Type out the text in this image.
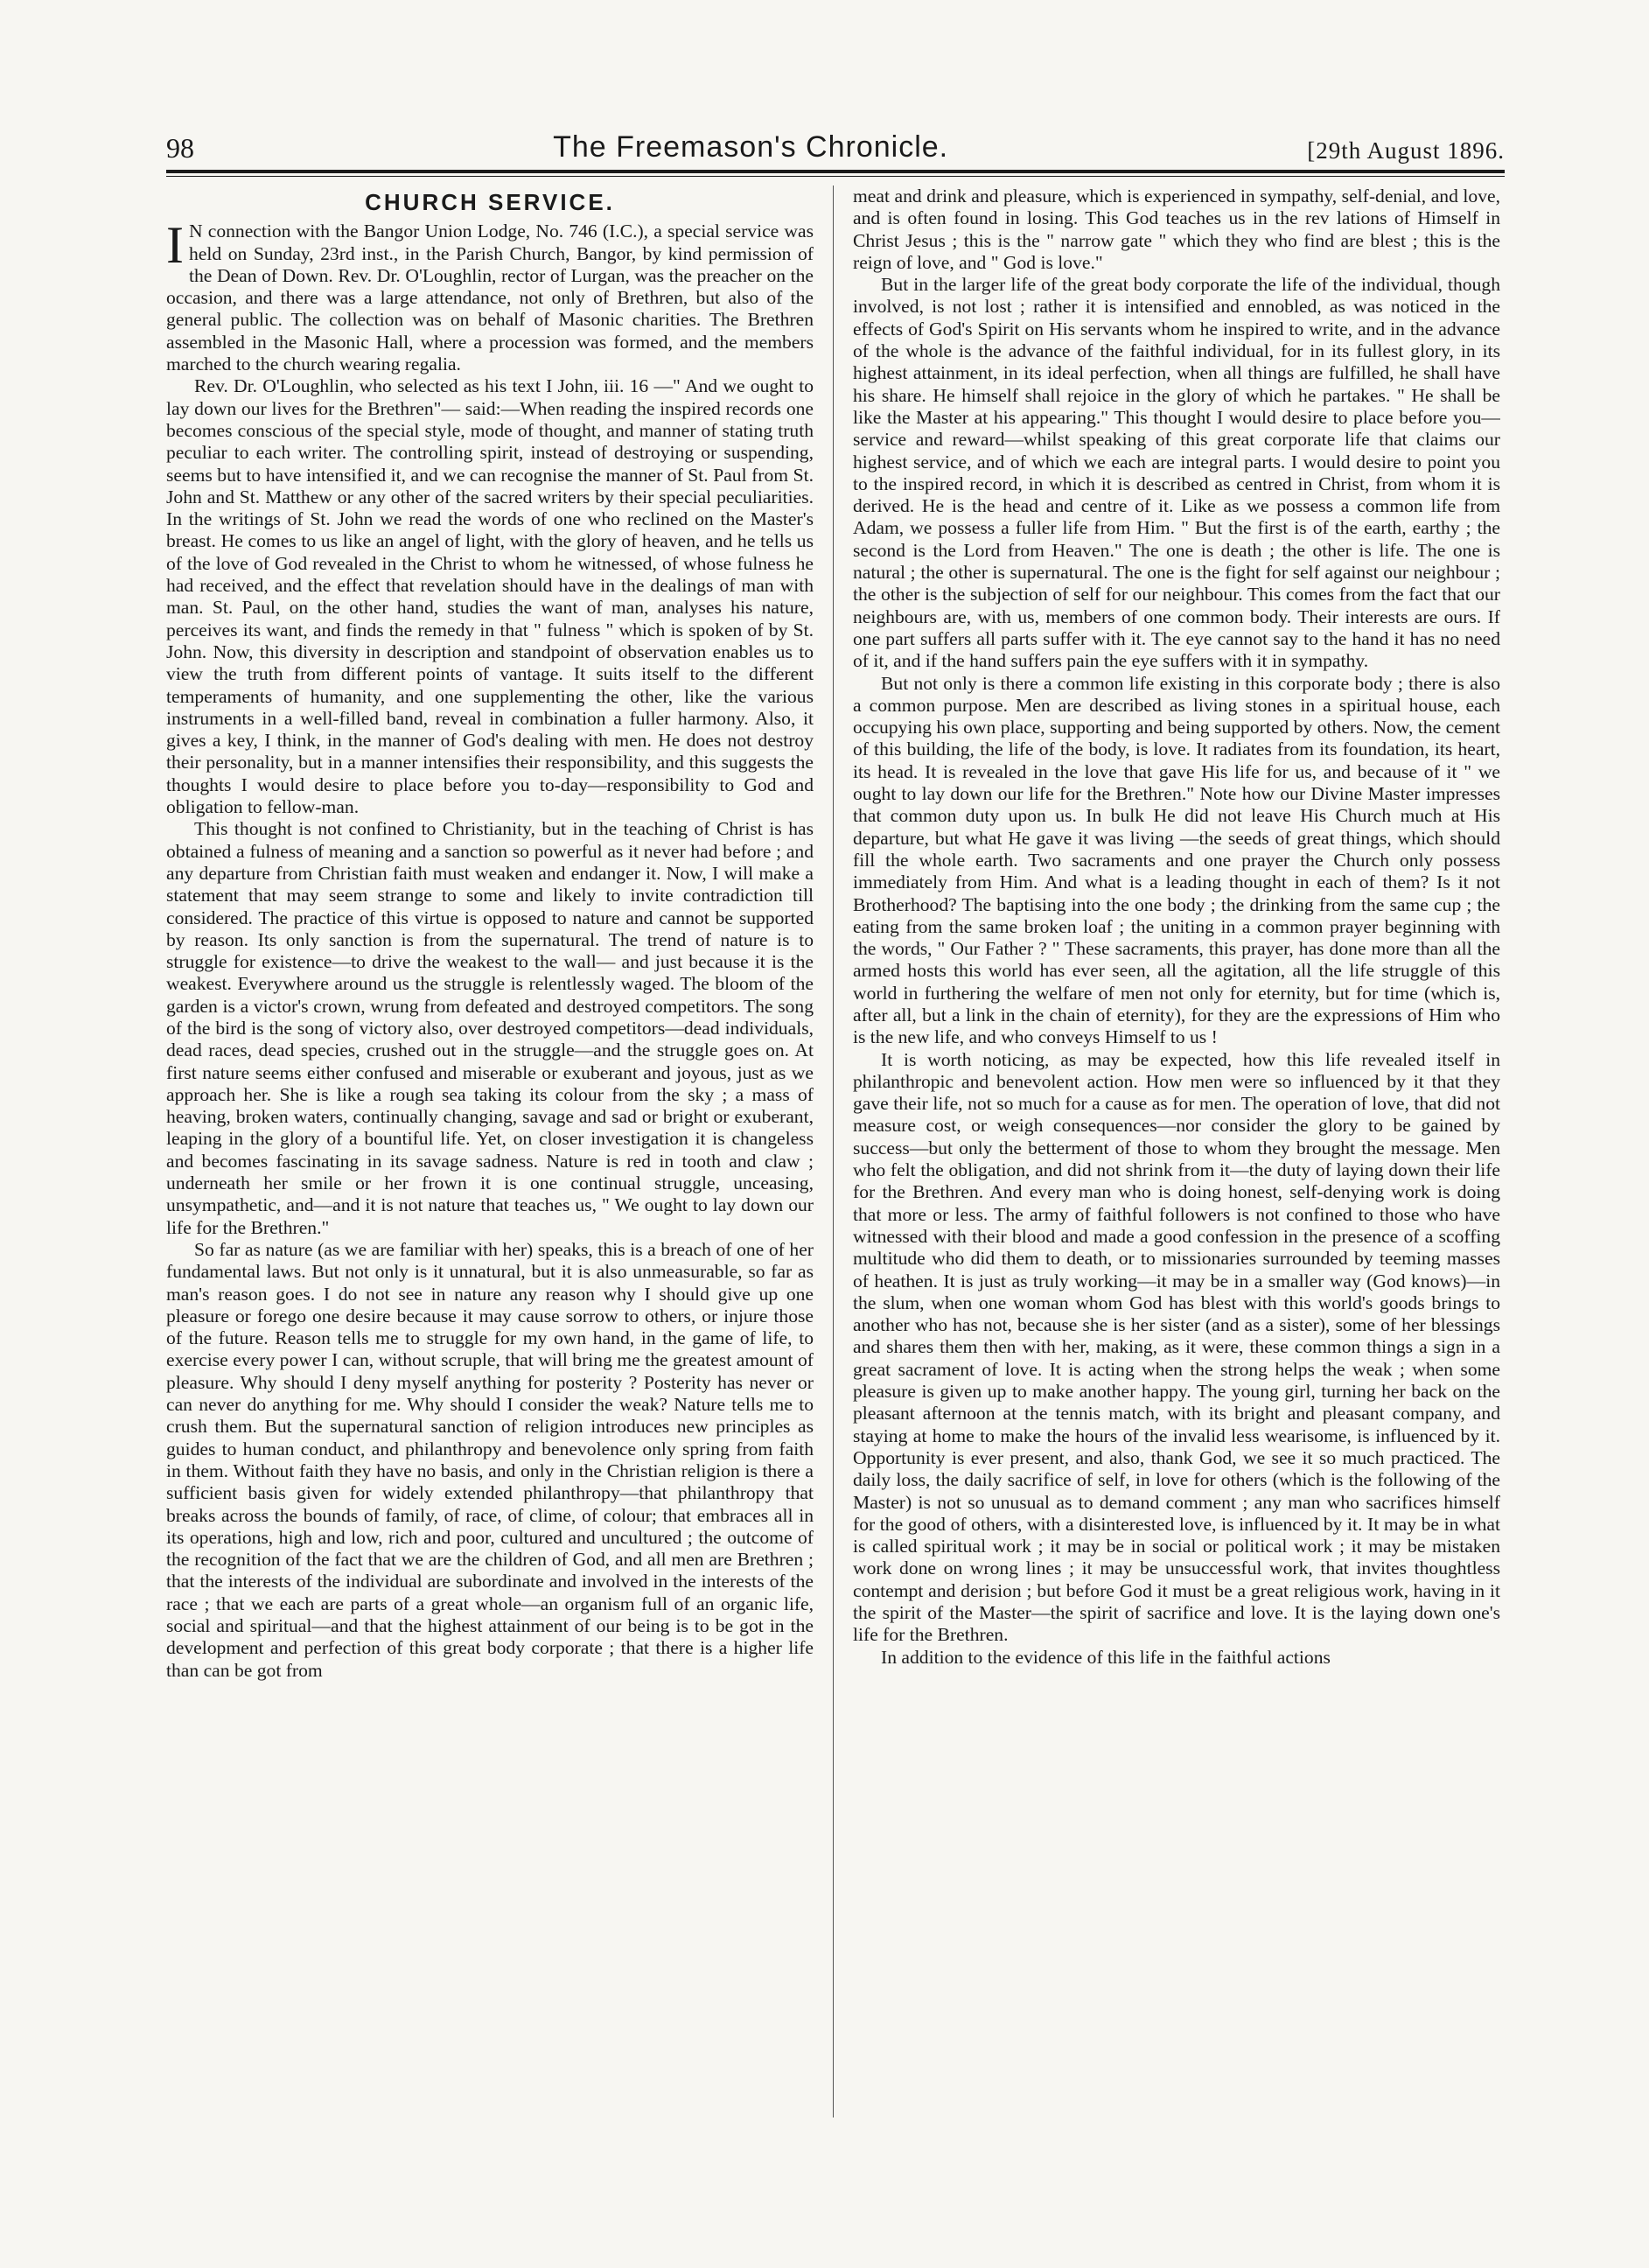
98	The Freemason's Chronicle.	[29th August 1896.
CHURCH SERVICE.

I N connection with the Bangor Union Lodge, No. 746 (I.C.), a special service was held on Sunday, 23rd inst., in the Parish Church, Bangor, by kind permission of the Dean of Down. Rev. Dr. O'Loughlin, rector of Lurgan, was the preacher on the occasion, and there was a large attendance, not only of Brethren, but also of the general public. The collection was on behalf of Masonic charities. The Brethren assembled in the Masonic Hall, where a procession was formed, and the members marched to the church wearing regalia.

Rev. Dr. O'Loughlin, who selected as his text I John, iii. 16 —" And we ought to lay down our lives for the Brethren"— said:—When reading the inspired records one becomes conscious of the special style, mode of thought, and manner of stating truth peculiar to each writer. The controlling spirit, instead of destroying or suspending, seems but to have intensified it, and we can recognise the manner of St. Paul from St. John and St. Matthew or any other of the sacred writers by their special peculiarities. In the writings of St. John we read the words of one who reclined on the Master's breast. He comes to us like an angel of light, with the glory of heaven, and he tells us of the love of God revealed in the Christ to whom he witnessed, of whose fulness he had received, and the effect that revelation should have in the dealings of man with man. St. Paul, on the other hand, studies the want of man, analyses his nature, perceives its want, and finds the remedy in that " fulness " which is spoken of by St. John. Now, this diversity in description and standpoint of observation enables us to view the truth from different points of vantage. It suits itself to the different temperaments of humanity, and one supplementing the other, like the various instruments in a well-filled band, reveal in combination a fuller harmony. Also, it gives a key, I think, in the manner of God's dealing with men. He does not destroy their personality, but in a manner intensifies their responsibility, and this suggests the thoughts I would desire to place before you to-day—responsibility to God and obligation to fellow-man.

This thought is not confined to Christianity, but in the teaching of Christ is has obtained a fulness of meaning and a sanction so powerful as it never had before ; and any departure from Christian faith must weaken and endanger it. Now, I will make a statement that may seem strange to some and likely to invite contradiction till considered. The practice of this virtue is opposed to nature and cannot be supported by reason. Its only sanction is from the supernatural. The trend of nature is to struggle for existence—to drive the weakest to the wall— and just because it is the weakest. Everywhere around us the struggle is relentlessly waged. The bloom of the garden is a victor's crown, wrung from defeated and destroyed competitors. The song of the bird is the song of victory also, over destroyed competitors—dead individuals, dead races, dead species, crushed out in the struggle—and the struggle goes on. At first nature seems either confused and miserable or exuberant and joyous, just as we approach her. She is like a rough sea taking its colour from the sky ; a mass of heaving, broken waters, continually changing, savage and sad or bright or exuberant, leaping in the glory of a bountiful life. Yet, on closer investigation it is changeless and becomes fascinating in its savage sadness. Nature is red in tooth and claw ; underneath her smile or her frown it is one continual struggle, unceasing, unsympathetic, and—and it is not nature that teaches us, " We ought to lay down our life for the Brethren."

So far as nature (as we are familiar with her) speaks, this is a breach of one of her fundamental laws. But not only is it unnatural, but it is also unmeasurable, so far as man's reason goes. I do not see in nature any reason why I should give up one pleasure or forego one desire because it may cause sorrow to others, or injure those of the future. Reason tells me to struggle for my own hand, in the game of life, to exercise every power I can, without scruple, that will bring me the greatest amount of pleasure. Why should I deny myself anything for posterity ? Posterity has never or can never do anything for me. Why should I consider the weak? Nature tells me to crush them. But the supernatural sanction of religion introduces new principles as guides to human conduct, and philanthropy and benevolence only spring from faith in them. Without faith they have no basis, and only in the Christian religion is there a sufficient basis given for widely extended philanthropy—that philanthropy that breaks across the bounds of family, of race, of clime, of colour; that embraces all in its operations, high and low, rich and poor, cultured and uncultured ; the outcome of the recognition of the fact that we are the children of God, and all men are Brethren ; that the interests of the individual are subordinate and involved in the interests of the race ; that we each are parts of a great whole—an organism full of an organic life, social and spiritual—and that the highest attainment of our being is to be got in the development and perfection of this great body corporate ; that there is a higher life than can be got from

meat and drink and pleasure, which is experienced in sympathy, self-denial, and love, and is often found in losing. This God teaches us in the rev lations of Himself in Christ Jesus ; this is the " narrow gate " which they who find are blest ; this is the reign of love, and " God is love."

But in the larger life of the great body corporate the life of the individual, though involved, is not lost ; rather it is intensified and ennobled, as was noticed in the effects of God's Spirit on His servants whom he inspired to write, and in the advance of the whole is the advance of the faithful individual, for in its fullest glory, in its highest attainment, in its ideal perfection, when all things are fulfilled, he shall have his share. He himself shall rejoice in the glory of which he partakes. " He shall be like the Master at his appearing." This thought I would desire to place before you—service and reward—whilst speaking of this great corporate life that claims our highest service, and of which we each are integral parts. I would desire to point you to the inspired record, in which it is described as centred in Christ, from whom it is derived. He is the head and centre of it. Like as we possess a common life from Adam, we possess a fuller life from Him. " But the first is of the earth, earthy ; the second is the Lord from Heaven." The one is death ; the other is life. The one is natural ; the other is supernatural. The one is the fight for self against our neighbour ; the other is the subjection of self for our neighbour. This comes from the fact that our neighbours are, with us, members of one common body. Their interests are ours. If one part suffers all parts suffer with it. The eye cannot say to the hand it has no need of it, and if the hand suffers pain the eye suffers with it in sympathy.

But not only is there a common life existing in this corporate body ; there is also a common purpose. Men are described as living stones in a spiritual house, each occupying his own place, supporting and being supported by others. Now, the cement of this building, the life of the body, is love. It radiates from its foundation, its heart, its head. It is revealed in the love that gave His life for us, and because of it " we ought to lay down our life for the Brethren." Note how our Divine Master impresses that common duty upon us. In bulk He did not leave His Church much at His departure, but what He gave it was living —the seeds of great things, which should fill the whole earth. Two sacraments and one prayer the Church only possess immediately from Him. And what is a leading thought in each of them? Is it not Brotherhood? The baptising into the one body ; the drinking from the same cup ; the eating from the same broken loaf ; the uniting in a common prayer beginning with the words, " Our Father ? " These sacraments, this prayer, has done more than all the armed hosts this world has ever seen, all the agitation, all the life struggle of this world in furthering the welfare of men not only for eternity, but for time (which is, after all, but a link in the chain of eternity), for they are the expressions of Him who is the new life, and who conveys Himself to us !

It is worth noticing, as may be expected, how this life revealed itself in philanthropic and benevolent action. How men were so influenced by it that they gave their life, not so much for a cause as for men. The operation of love, that did not measure cost, or weigh consequences—nor consider the glory to be gained by success—but only the betterment of those to whom they brought the message. Men who felt the obligation, and did not shrink from it—the duty of laying down their life for the Brethren. And every man who is doing honest, self-denying work is doing that more or less. The army of faithful followers is not confined to those who have witnessed with their blood and made a good confession in the presence of a scoffing multitude who did them to death, or to missionaries surrounded by teeming masses of heathen. It is just as truly working—it may be in a smaller way (God knows)—in the slum, when one woman whom God has blest with this world's goods brings to another who has not, because she is her sister (and as a sister), some of her blessings and shares them then with her, making, as it were, these common things a sign in a great sacrament of love. It is acting when the strong helps the weak ; when some pleasure is given up to make another happy. The young girl, turning her back on the pleasant afternoon at the tennis match, with its bright and pleasant company, and staying at home to make the hours of the invalid less wearisome, is influenced by it. Opportunity is ever present, and also, thank God, we see it so much practiced. The daily loss, the daily sacrifice of self, in love for others (which is the following of the Master) is not so unusual as to demand comment ; any man who sacrifices himself for the good of others, with a disinterested love, is influenced by it. It may be in what is called spiritual work ; it may be in social or political work ; it may be mistaken work done on wrong lines ; it may be unsuccessful work, that invites thoughtless contempt and derision ; but before God it must be a great religious work, having in it the spirit of the Master—the spirit of sacrifice and love. It is the laying down one's life for the Brethren.

In addition to the evidence of this life in the faithful actions
